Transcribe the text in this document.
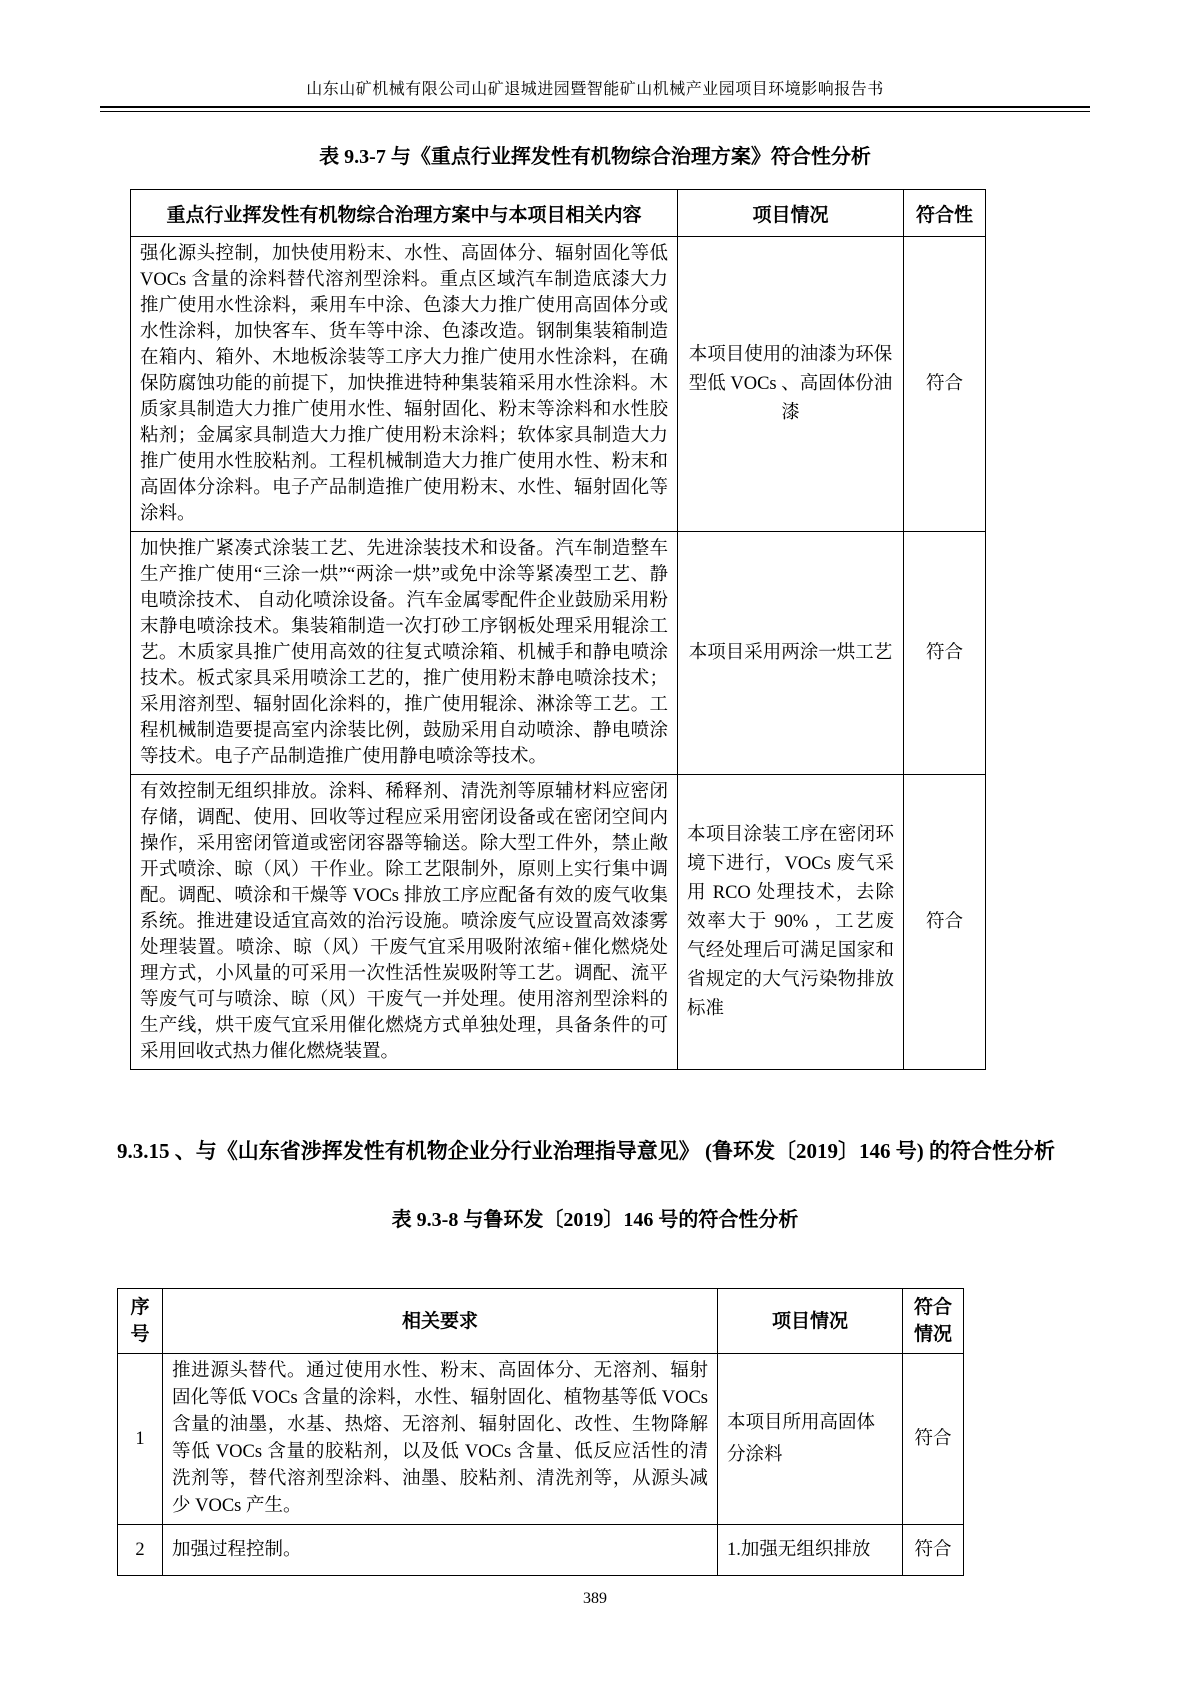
山东山矿机械有限公司山矿退城进园暨智能矿山机械产业园项目环境影响报告书
表 9.3-7 与《重点行业挥发性有机物综合治理方案》符合性分析
重点行业挥发性有机物综合治理方案中与本项目相关内容	项目情况	符合性
强化源头控制，加快使用粉末、水性、高固体分、辐射固化等低 VOCs 含量的涂料替代溶剂型涂料。重点区域汽车制造底漆大力推广使用水性涂料，乘用车中涂、色漆大力推广使用高固体分或水性涂料，加快客车、货车等中涂、色漆改造。钢制集装箱制造在箱内、箱外、木地板涂装等工序大力推广使用水性涂料，在确保防腐蚀功能的前提下，加快推进特种集装箱采用水性涂料。木质家具制造大力推广使用水性、辐射固化、粉末等涂料和水性胶粘剂；金属家具制造大力推广使用粉末涂料；软体家具制造大力推广使用水性胶粘剂。工程机械制造大力推广使用水性、粉末和高固体分涂料。电子产品制造推广使用粉末、水性、辐射固化等涂料。	本项目使用的油漆为环保型低 VOCs 、高固体份油漆	符合
加快推广紧凑式涂装工艺、先进涂装技术和设备。汽车制造整车生产推广使用“三涂一烘”“两涂一烘”或免中涂等紧凑型工艺、静电喷涂技术、 自动化喷涂设备。汽车金属零配件企业鼓励采用粉末静电喷涂技术。集装箱制造一次打砂工序钢板处理采用辊涂工艺。木质家具推广使用高效的往复式喷涂箱、机械手和静电喷涂技术。板式家具采用喷涂工艺的，推广使用粉末静电喷涂技术；采用溶剂型、辐射固化涂料的，推广使用辊涂、淋涂等工艺。工程机械制造要提高室内涂装比例，鼓励采用自动喷涂、静电喷涂等技术。电子产品制造推广使用静电喷涂等技术。	本项目采用两涂一烘工艺	符合
有效控制无组织排放。涂料、稀释剂、清洗剂等原辅材料应密闭存储，调配、使用、回收等过程应采用密闭设备或在密闭空间内操作，采用密闭管道或密闭容器等输送。除大型工件外，禁止敞开式喷涂、晾（风）干作业。除工艺限制外，原则上实行集中调配。调配、喷涂和干燥等 VOCs 排放工序应配备有效的废气收集系统。推进建设适宜高效的治污设施。喷涂废气应设置高效漆雾处理装置。喷涂、晾（风）干废气宜采用吸附浓缩+催化燃烧处理方式，小风量的可采用一次性活性炭吸附等工艺。调配、流平等废气可与喷涂、晾（风）干废气一并处理。使用溶剂型涂料的生产线，烘干废气宜采用催化燃烧方式单独处理，具备条件的可采用回收式热力催化燃烧装置。	本项目涂装工序在密闭环境下进行，VOCs 废气采用 RCO 处理技术，去除效率大于 90% ，工艺废气经处理后可满足国家和省规定的大气污染物排放标准	符合
9.3.15 、与《山东省涉挥发性有机物企业分行业治理指导意见》 (鲁环发〔2019〕146 号) 的符合性分析
表 9.3-8 与鲁环发〔2019〕146 号的符合性分析
序号	相关要求	项目情况	符合情况
1	推进源头替代。通过使用水性、粉末、高固体分、无溶剂、辐射固化等低 VOCs 含量的涂料，水性、辐射固化、植物基等低 VOCs 含量的油墨，水基、热熔、无溶剂、辐射固化、改性、生物降解等低 VOCs 含量的胶粘剂，以及低 VOCs 含量、低反应活性的清洗剂等，替代溶剂型涂料、油墨、胶粘剂、清洗剂等，从源头减少 VOCs 产生。	本项目所用高固体分涂料	符合
2	加强过程控制。	1.加强无组织排放	符合
389
